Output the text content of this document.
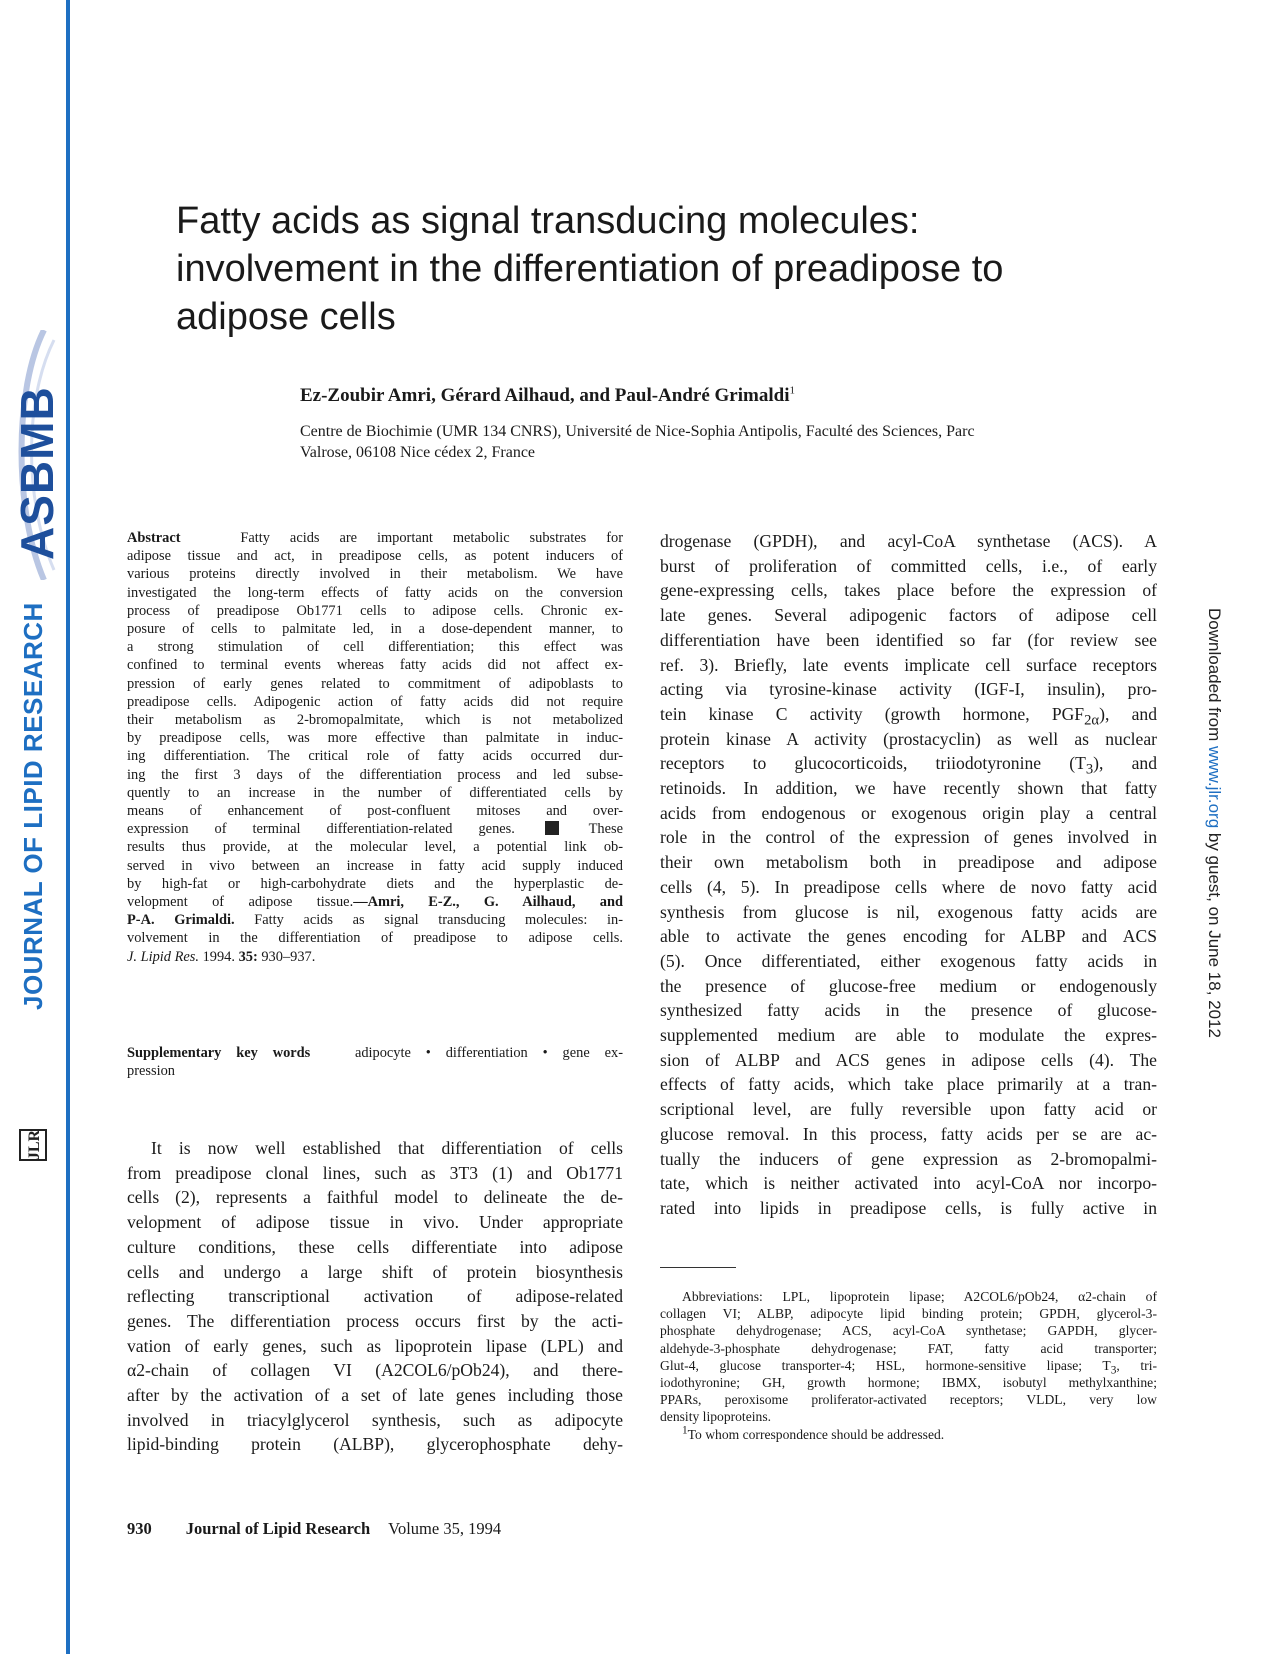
ASBMB
JOURNAL OF LIPID RESEARCH
JLR
Downloaded from www.jlr.org by guest, on June 18, 2012
Fatty acids as signal transducing molecules:
involvement in the differentiation of preadipose to
adipose cells
Ez-Zoubir Amri, Gérard Ailhaud, and Paul-André Grimaldi$^1$
Centre de Biochimie (UMR 134 CNRS), Université de Nice-Sophia Antipolis, Faculté des Sciences, Parc
Valrose, 06108 Nice cédex 2, France
Abstract	Fatty acids are important metabolic substrates for
adipose tissue and act, in preadipose cells, as potent inducers of
various proteins directly involved in their metabolism. We have
investigated the long-term effects of fatty acids on the conversion
process of preadipose Ob1771 cells to adipose cells. Chronic ex-
posure of cells to palmitate led, in a dose-dependent manner, to
a strong stimulation of cell differentiation; this effect was
confined to terminal events whereas fatty acids did not affect ex-
pression of early genes related to commitment of adipoblasts to
preadipose cells. Adipogenic action of fatty acids did not require
their metabolism as 2-bromopalmitate, which is not metabolized
by preadipose cells, was more effective than palmitate in induc-
ing differentiation. The critical role of fatty acids occurred dur-
ing the first 3 days of the differentiation process and led subse-
quently to an increase in the number of differentiated cells by
means of enhancement of post-confluent mitoses and over-
expression of terminal differentiation-related genes.	These
results thus provide, at the molecular level, a potential link ob-
served in vivo between an increase in fatty acid supply induced
by high-fat or high-carbohydrate diets and the hyperplastic de-
velopment of adipose tissue.—Amri, E-Z., G. Ailhaud, and
P-A. Grimaldi. Fatty acids as signal transducing molecules: in-
volvement in the differentiation of preadipose to adipose cells.
J. Lipid Res. 1994. 35: 930–937.
Supplementary key words	adipocyte • differentiation • gene ex-
pression
It is now well established that differentiation of cells
from preadipose clonal lines, such as 3T3 (1) and Ob1771
cells (2), represents a faithful model to delineate the de-
velopment of adipose tissue in vivo. Under appropriate
culture conditions, these cells differentiate into adipose
cells and undergo a large shift of protein biosynthesis
reflecting transcriptional activation of adipose-related
genes. The differentiation process occurs first by the acti-
vation of early genes, such as lipoprotein lipase (LPL) and
α2-chain of collagen VI (A2COL6/pOb24), and there-
after by the activation of a set of late genes including those
involved in triacylglycerol synthesis, such as adipocyte
lipid-binding protein (ALBP), glycerophosphate dehy-
drogenase (GPDH), and acyl-CoA synthetase (ACS). A
burst of proliferation of committed cells, i.e., of early
gene-expressing cells, takes place before the expression of
late genes. Several adipogenic factors of adipose cell
differentiation have been identified so far (for review see
ref. 3). Briefly, late events implicate cell surface receptors
acting via tyrosine-kinase activity (IGF-I, insulin), pro-
tein kinase C activity (growth hormone, $PGF_{2\alpha}$), and
protein kinase A activity (prostacyclin) as well as nuclear
receptors to glucocorticoids, triiodotyronine $(T_3)$, and
retinoids. In addition, we have recently shown that fatty
acids from endogenous or exogenous origin play a central
role in the control of the expression of genes involved in
their own metabolism both in preadipose and adipose
cells (4, 5). In preadipose cells where de novo fatty acid
synthesis from glucose is nil, exogenous fatty acids are
able to activate the genes encoding for ALBP and ACS
(5). Once differentiated, either exogenous fatty acids in
the presence of glucose-free medium or endogenously
synthesized fatty acids in the presence of glucose-
supplemented medium are able to modulate the expres-
sion of ALBP and ACS genes in adipose cells (4). The
effects of fatty acids, which take place primarily at a tran-
scriptional level, are fully reversible upon fatty acid or
glucose removal. In this process, fatty acids per se are ac-
tually the inducers of gene expression as 2-bromopalmi-
tate, which is neither activated into acyl-CoA nor incorpo-
rated into lipids in preadipose cells, is fully active in
Abbreviations: LPL, lipoprotein lipase; A2COL6/pOb24, α2-chain of
collagen VI; ALBP, adipocyte lipid binding protein; GPDH, glycerol-3-
phosphate dehydrogenase; ACS, acyl-CoA synthetase; GAPDH, glycer-
aldehyde-3-phosphate dehydrogenase; FAT, fatty acid transporter;
Glut-4, glucose transporter-4; HSL, hormone-sensitive lipase; $T_3$, tri-
iodothyronine; GH, growth hormone; IBMX, isobutyl methylxanthine;
PPARs, peroxisome proliferator-activated receptors; VLDL, very low
density lipoproteins.
$^1$To whom correspondence should be addressed.
930 Journal of Lipid Research Volume 35, 1994
